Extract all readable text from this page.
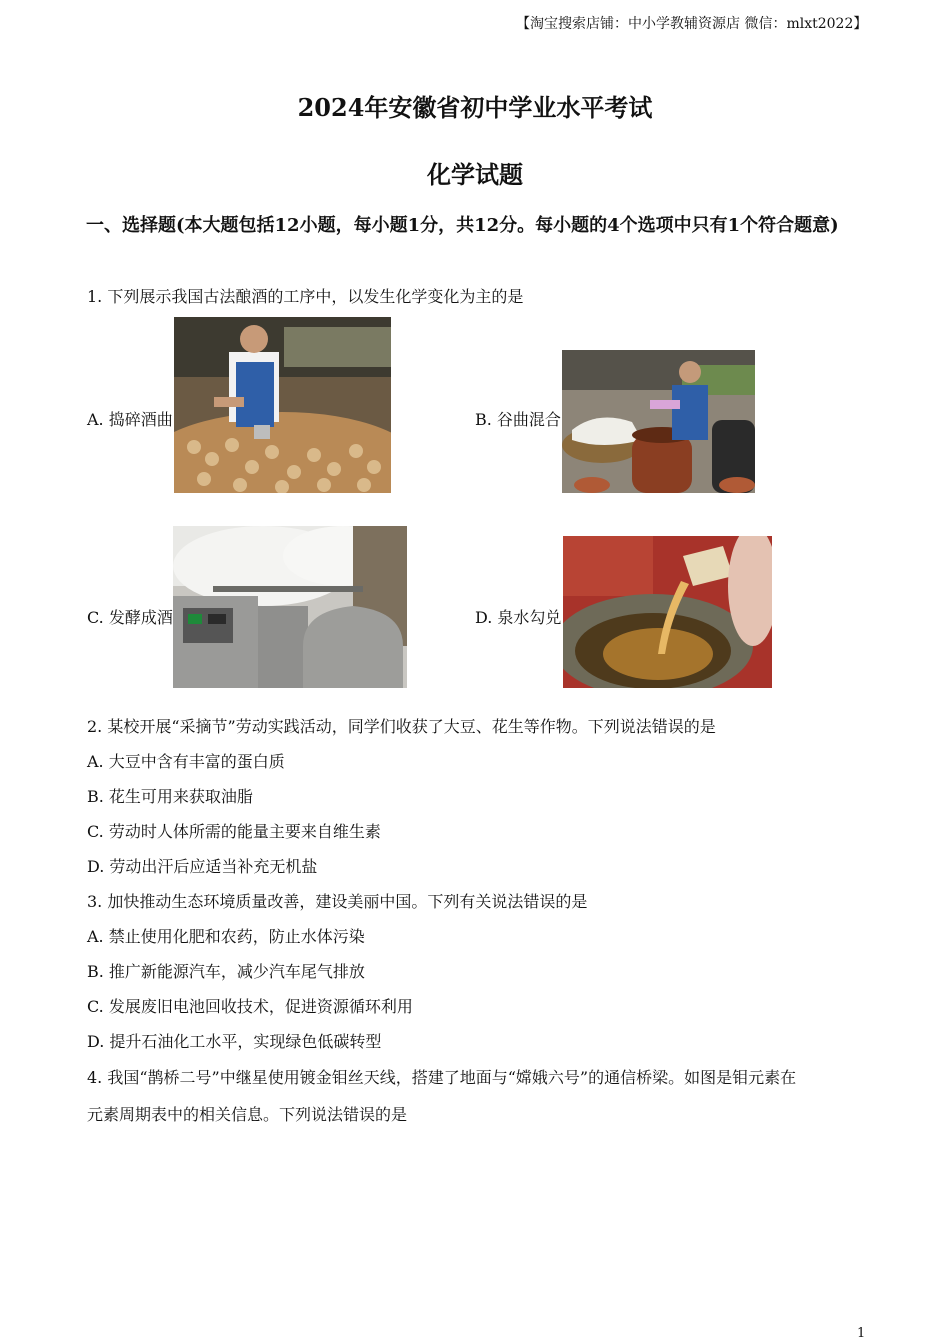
【淘宝搜索店铺：中小学教辅资源店 微信：mlxt2022】
2024年安徽省初中学业水平考试
化学试题
一、选择题(本大题包括12小题，每小题1分，共12分。每小题的4个选项中只有1个符合题意)
1. 下列展示我国古法酿酒的工序中，以发生化学变化为主的是
A. 捣碎酒曲	B. 谷曲混合
C. 发酵成酒	D. 泉水勾兑
2. 某校开展“采摘节”劳动实践活动，同学们收获了大豆、花生等作物。下列说法错误的是
A. 大豆中含有丰富的蛋白质
B. 花生可用来获取油脂
C. 劳动时人体所需的能量主要来自维生素
D. 劳动出汗后应适当补充无机盐
3. 加快推动生态环境质量改善，建设美丽中国。下列有关说法错误的是
A. 禁止使用化肥和农药，防止水体污染
B. 推广新能源汽车，减少汽车尾气排放
C. 发展废旧电池回收技术，促进资源循环利用
D. 提升石油化工水平，实现绿色低碳转型
4. 我国“鹊桥二号”中继星使用镀金钼丝天线，搭建了地面与“嫦娥六号”的通信桥梁。如图是钼元素在
元素周期表中的相关信息。下列说法错误的是
1
